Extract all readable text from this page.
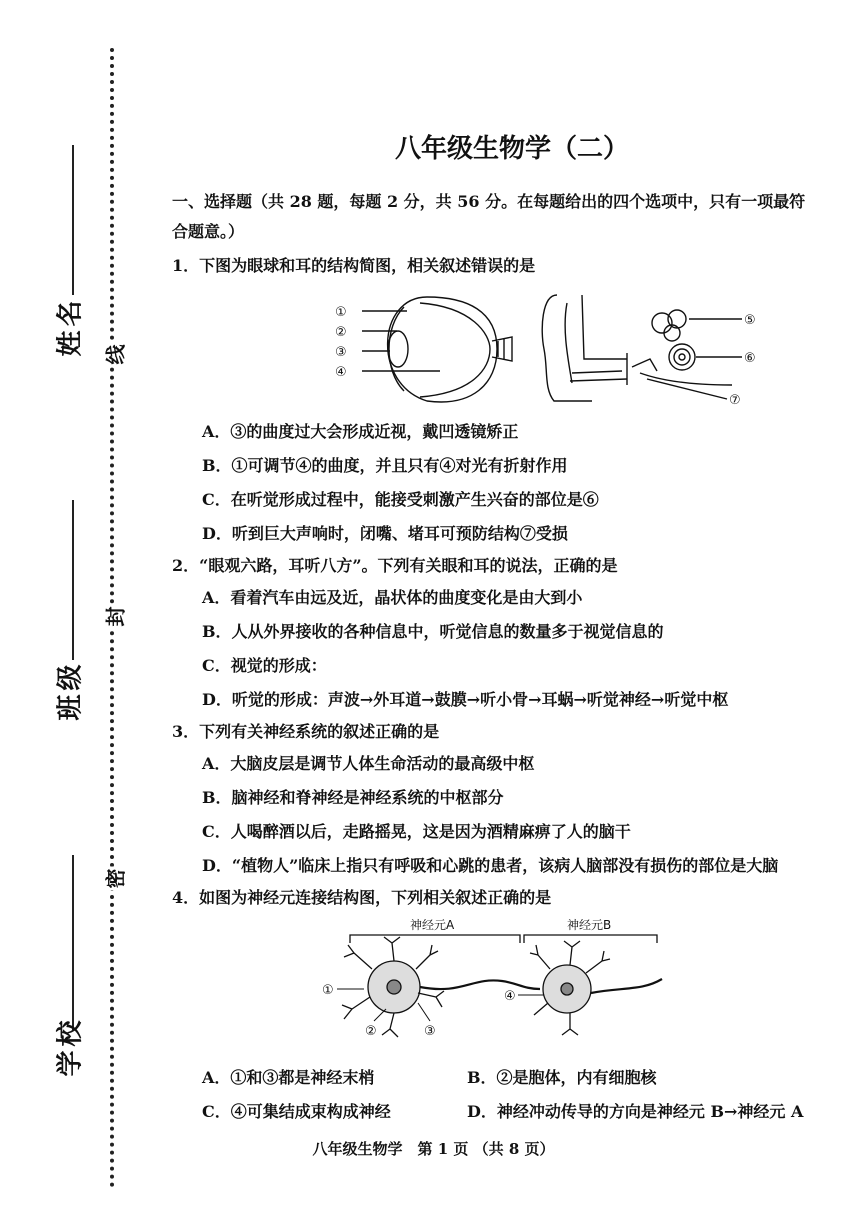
姓名
班级
学校
线
封
密
八年级生物学（二）

一、选择题（共 28 题，每题 2 分，共 56 分。在每题给出的四个选项中，只有一项最符

合题意。）

1．下图为眼球和耳的结构简图，相关叙述错误的是

①
②
③
④
⑤
⑥
⑦

A．③的曲度过大会形成近视，戴凹透镜矫正

B．①可调节④的曲度，并且只有④对光有折射作用

C．在听觉形成过程中，能接受刺激产生兴奋的部位是⑥

D．听到巨大声响时，闭嘴、堵耳可预防结构⑦受损

2．“眼观六路，耳听八方”。下列有关眼和耳的说法，正确的是

A．看着汽车由远及近，晶状体的曲度变化是由大到小

B．人从外界接收的各种信息中，听觉信息的数量多于视觉信息的

C．视觉的形成：

D．听觉的形成：声波→外耳道→鼓膜→听小骨→耳蜗→听觉神经→听觉中枢

3．下列有关神经系统的叙述正确的是

A．大脑皮层是调节人体生命活动的最高级中枢

B．脑神经和脊神经是神经系统的中枢部分

C．人喝醉酒以后，走路摇晃，这是因为酒精麻痹了人的脑干

D．“植物人”临床上指只有呼吸和心跳的患者，该病人脑部没有损伤的部位是大脑

4．如图为神经元连接结构图，下列相关叙述正确的是

神经元A	神经元B
①
②	③
④
A．①和③都是神经末梢	B．②是胞体，内有细胞核
C．④可集结成束构成神经	D．神经冲动传导的方向是神经元 B→神经元 A
八年级生物学　第 1 页 （共 8 页）
